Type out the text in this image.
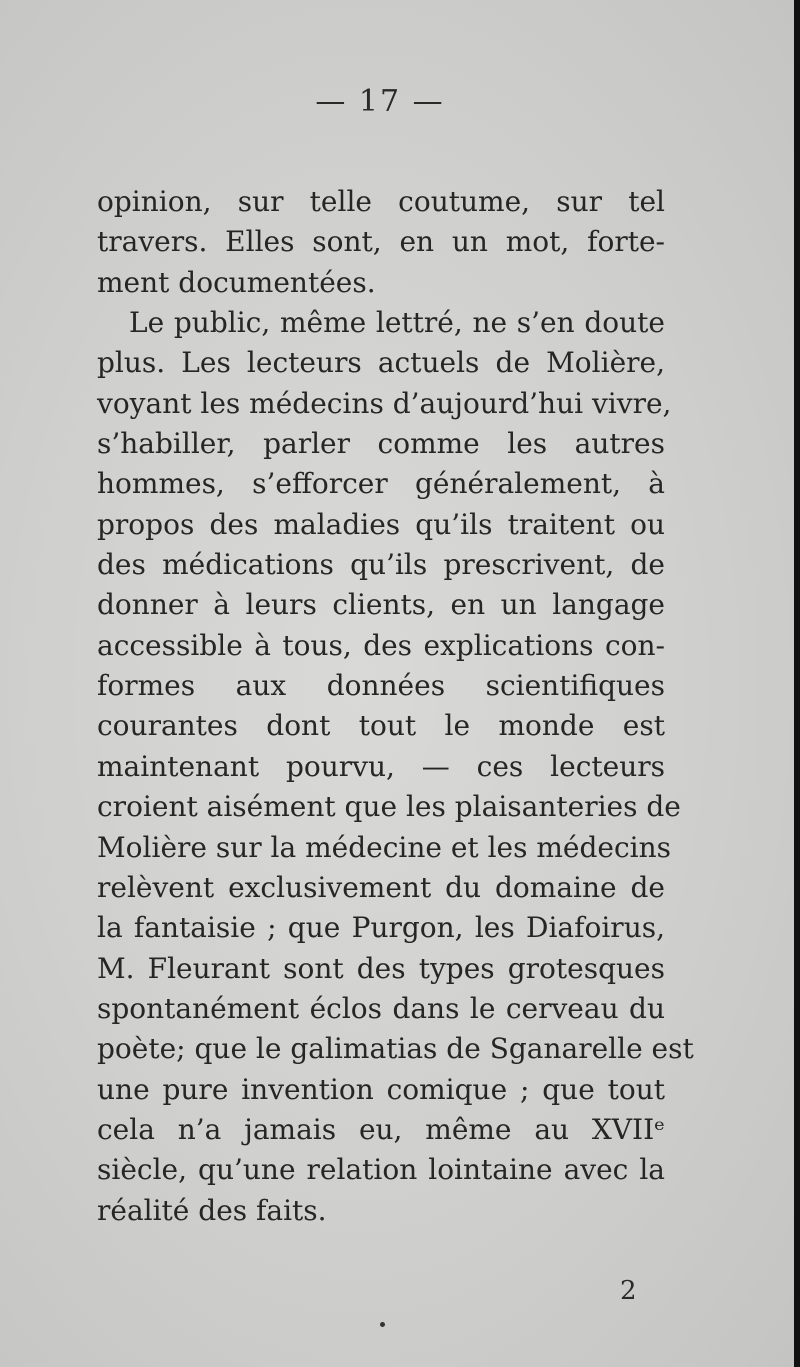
— 17 —
opinion, sur telle coutume, sur tel
travers. Elles sont, en un mot, forte-
ment documentées.
Le public, même lettré, ne s’en doute
plus. Les lecteurs actuels de Molière,
voyant les médecins d’aujourd’hui vivre,
s’habiller, parler comme les autres
hommes, s’efforcer généralement, à
propos des maladies qu’ils traitent ou
des médications qu’ils prescrivent, de
donner à leurs clients, en un langage
accessible à tous, des explications con-
formes aux données scientifiques
courantes dont tout le monde est
maintenant pourvu, — ces lecteurs
croient aisément que les plaisanteries de
Molière sur la médecine et les médecins
relèvent exclusivement du domaine de
la fantaisie ; que Purgon, les Diafoirus,
M. Fleurant sont des types grotesques
spontanément éclos dans le cerveau du
poète; que le galimatias de Sganarelle est
une pure invention comique ; que tout
cela n’a jamais eu, même au XVIIᵉ
siècle, qu’une relation lointaine avec la
réalité des faits.
2
